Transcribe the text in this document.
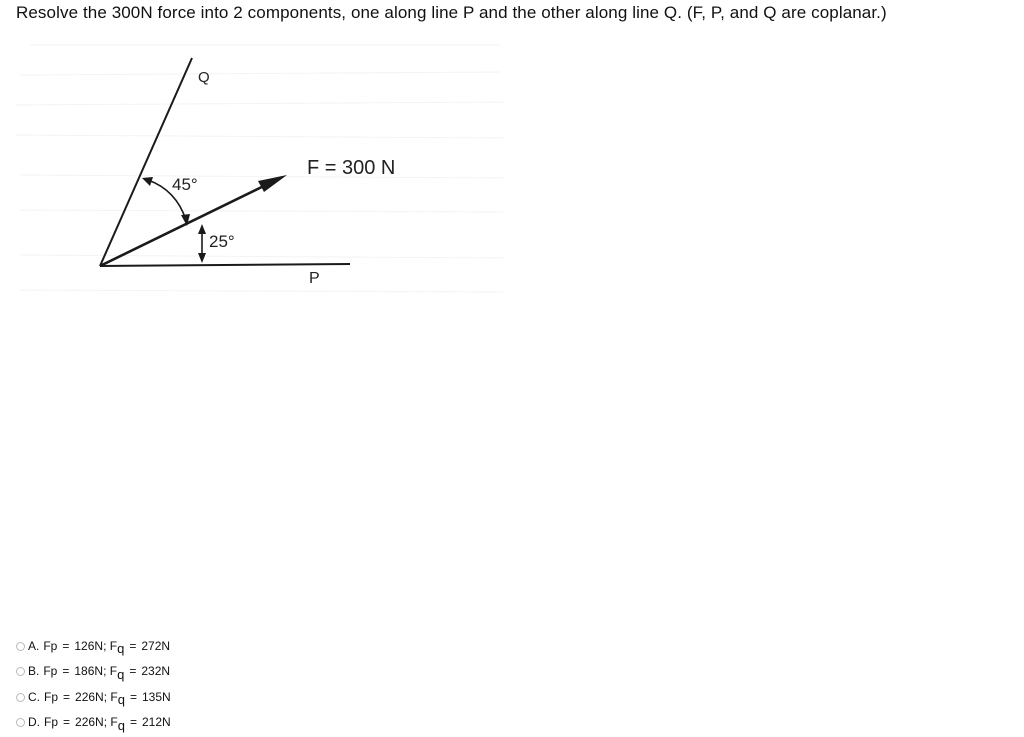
Resolve the 300N force into 2 components, one along line P and the other along line Q. (F, P, and Q are coplanar.)
Q
P
F = 300 N
45°
25°
A. Fp = 126N;
F q = 272N
B. Fp = 186N;
F q = 232N
C. Fp = 226N;
F q = 135N
D. Fp = 226N;
F q = 212N
